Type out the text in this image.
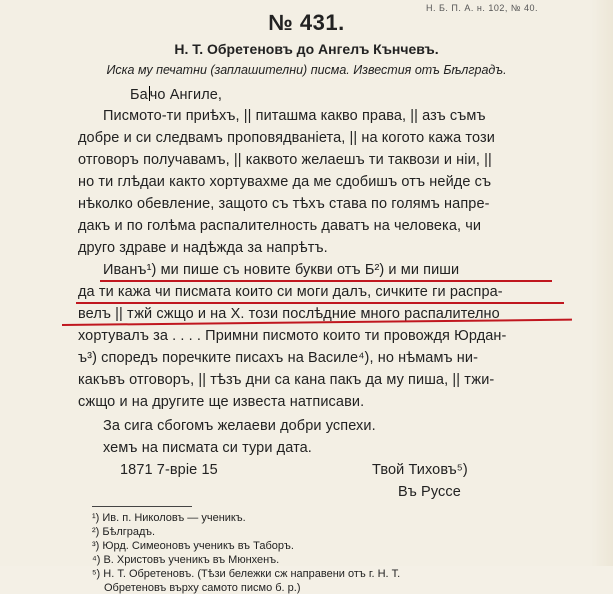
Н. Б. П. А. н. 102, № 40.
№ 431.
Н. Т. Обретеновъ до Ангелъ Кънчевъ.
Иска му печатни (заплашителни) писма. Известия отъ Бѣлградъ.
Ба чо Ангиле,
Писмото-ти приѣхъ, || питашма какво права, || азъ съмъ
добре и си следвамъ проповядванiета, || на когото кажа този
отговоръ получавамъ, || каквото желаешъ ти таквози и нiи, ||
но ти глѣдаи както хортувахме да ме сдобишъ отъ нейде съ
нѣколко обевление, защото съ тѣхъ става по голямъ напре-
дакъ и по голѣма распалителность даватъ на человека, чи
друго здраве и надѣжда за напрѣтъ.
Иванъ¹) ми пише съ новите букви отъ Б²) и ми пиши
да ти кажа чи писмата които си моги далъ, сичките ги распра-
велъ || тжй сжщо и на Х. този послѣдние много распалително
хортувалъ за . . . . Примни писмото които ти провождя Юрдан-
ъ³) споредъ поречките писахъ на Василе⁴), но нѣмамъ ни-
какъвъ отговоръ, || тѣзъ дни са кана пакъ да му пиша, || тжи-
сжщо и на другите ще известа натписави.
За сига сбогомъ желаеви добри успехи.
хемъ на писмата си тури дата.
1871 7-врiе 15	Твой Тиховъ⁵)
Въ Руссе
¹) Ив. п. Николовъ — ученикъ.
²) Бѣлградъ.
³) Юрд. Симеоновъ ученикъ въ Таборъ.
⁴) В. Христовъ ученикъ въ Мюнхенъ.
⁵) Н. Т. Обретеновъ. (Тѣзи бележки сж направени отъ г. Н. Т.
Обретеновъ върху самото писмо б. р.)
